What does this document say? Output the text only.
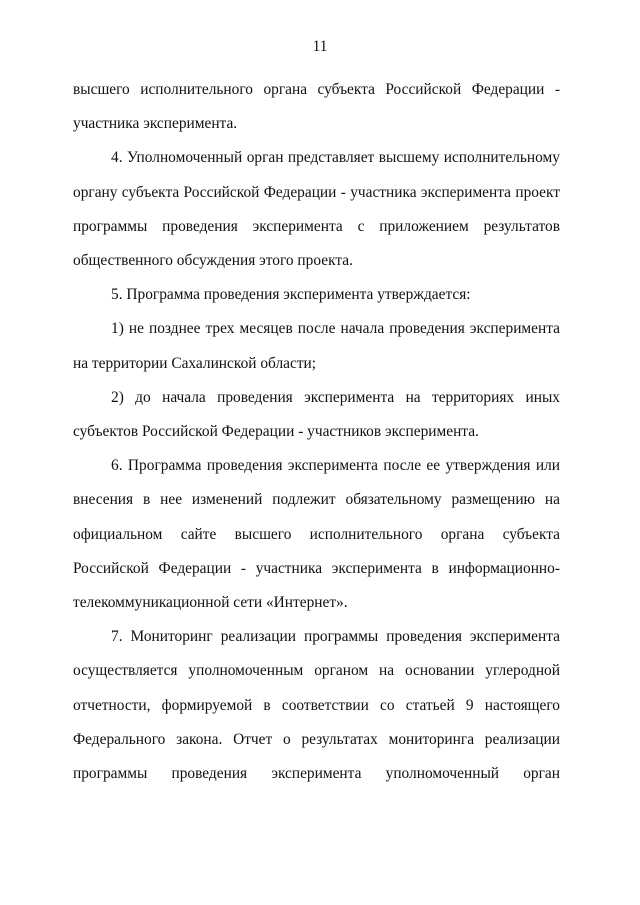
11

высшего исполнительного органа субъекта Российской Федерации - участника эксперимента.

4. Уполномоченный орган представляет высшему исполнительному органу субъекта Российской Федерации - участника эксперимента проект программы проведения эксперимента с приложением результатов общественного обсуждения этого проекта.

5. Программа проведения эксперимента утверждается:

1) не позднее трех месяцев после начала проведения эксперимента на территории Сахалинской области;

2) до начала проведения эксперимента на территориях иных субъектов Российской Федерации - участников эксперимента.

6. Программа проведения эксперимента после ее утверждения или внесения в нее изменений подлежит обязательному размещению на официальном сайте высшего исполнительного органа субъекта Российской Федерации - участника эксперимента в информационно-телекоммуникационной сети «Интернет».

7. Мониторинг реализации программы проведения эксперимента осуществляется уполномоченным органом на основании углеродной отчетности, формируемой в соответствии со статьей 9 настоящего Федерального закона. Отчет о результатах мониторинга реализации программы проведения эксперимента уполномоченный орган
